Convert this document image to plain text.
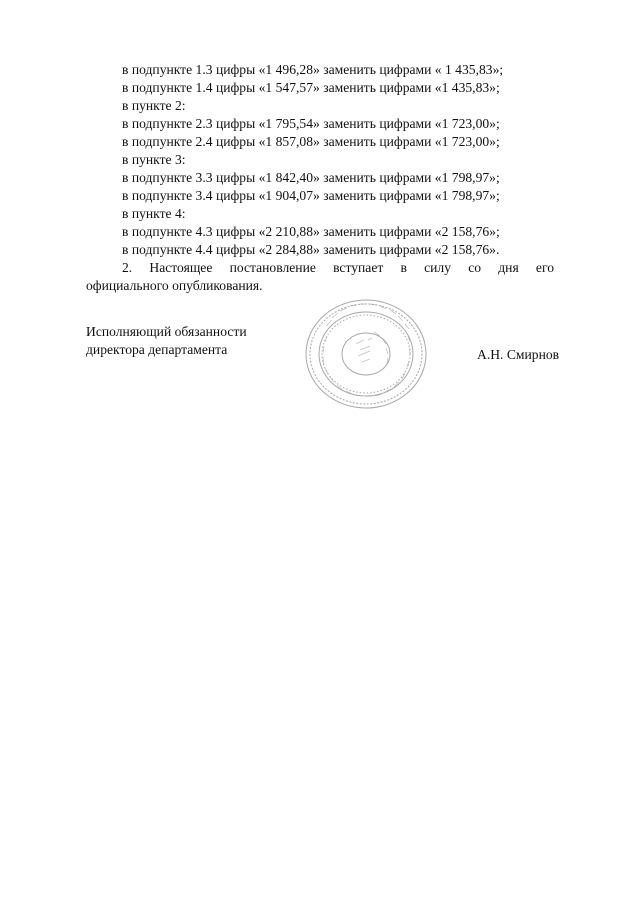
в подпункте 1.3 цифры «1 496,28» заменить цифрами « 1 435,83»;
в подпункте 1.4 цифры «1 547,57» заменить цифрами «1 435,83»;
в пункте 2:
в подпункте 2.3 цифры «1 795,54» заменить цифрами «1 723,00»;
в подпункте 2.4 цифры «1 857,08» заменить цифрами «1 723,00»;
в пункте 3:
в подпункте 3.3 цифры «1 842,40» заменить цифрами «1 798,97»;
в подпункте 3.4 цифры «1 904,07» заменить цифрами «1 798,97»;
в пункте 4:
в подпункте 4.3 цифры «2 210,88» заменить цифрами «2 158,76»;
в подпункте 4.4 цифры «2 284,88» заменить цифрами «2 158,76».
2. Настоящее постановление вступает в силу со дня его
официального опубликования.
Исполняющий обязанности
директора департамента	А.Н. Смирнов
